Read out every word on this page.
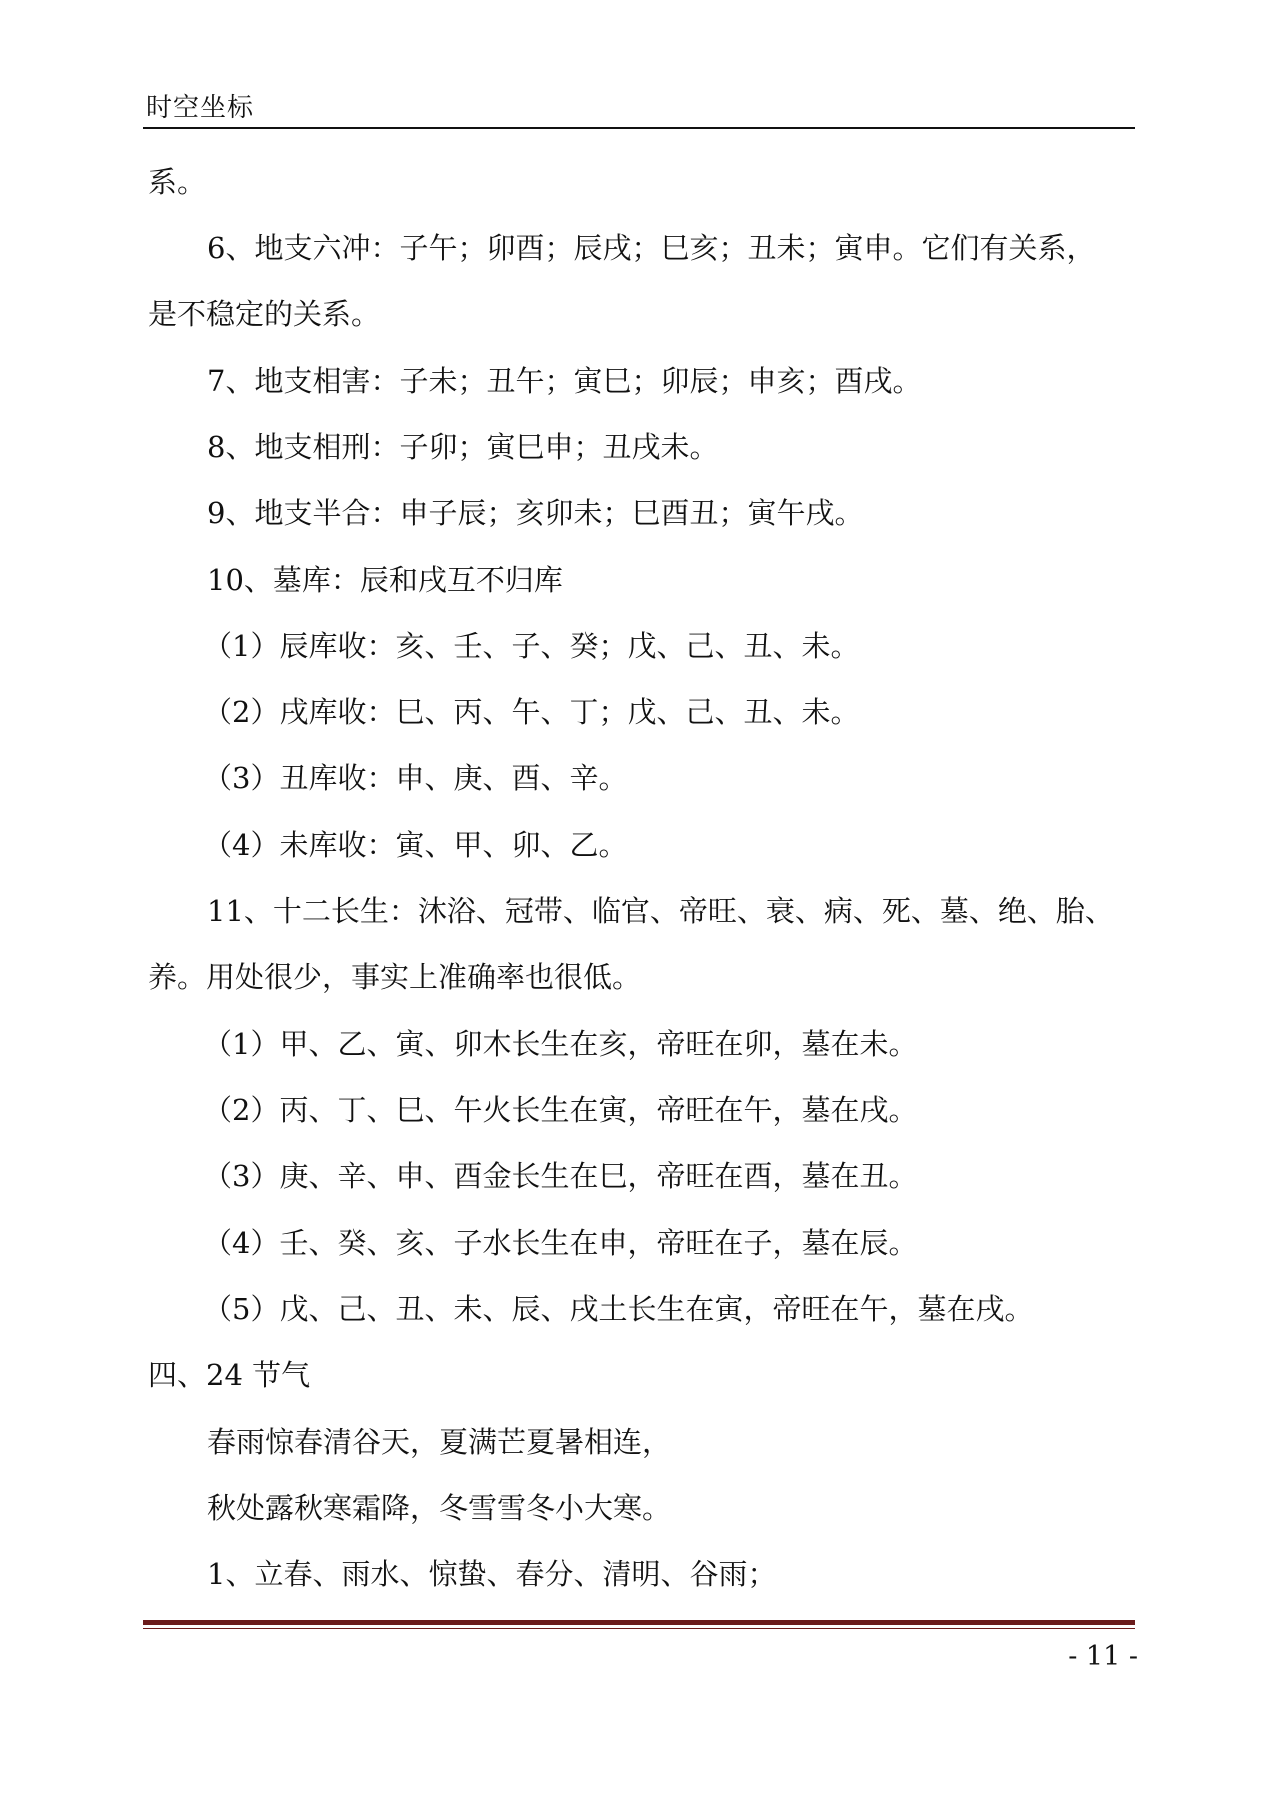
时空坐标
系。
6、地支六冲：子午；卯酉；辰戌；巳亥；丑未；寅申。它们有关系，
是不稳定的关系。
7、地支相害：子未；丑午；寅巳；卯辰；申亥；酉戌。
8、地支相刑：子卯；寅巳申；丑戌未。
9、地支半合：申子辰；亥卯未；巳酉丑；寅午戌。
10、墓库：辰和戌互不归库
（1）辰库收：亥、壬、子、癸；戊、己、丑、未。
（2）戌库收：巳、丙、午、丁；戊、己、丑、未。
（3）丑库收：申、庚、酉、辛。
（4）未库收：寅、甲、卯、乙。
11、十二长生：沐浴、冠带、临官、帝旺、衰、病、死、墓、绝、胎、
养。用处很少，事实上准确率也很低。
（1）甲、乙、寅、卯木长生在亥，帝旺在卯，墓在未。
（2）丙、丁、巳、午火长生在寅，帝旺在午，墓在戌。
（3）庚、辛、申、酉金长生在巳，帝旺在酉，墓在丑。
（4）壬、癸、亥、子水长生在申，帝旺在子，墓在辰。
（5）戊、己、丑、未、辰、戌土长生在寅，帝旺在午，墓在戌。
四、24 节气
春雨惊春清谷天，夏满芒夏暑相连，
秋处露秋寒霜降，冬雪雪冬小大寒。
1、立春、雨水、惊蛰、春分、清明、谷雨；
- 11 -
